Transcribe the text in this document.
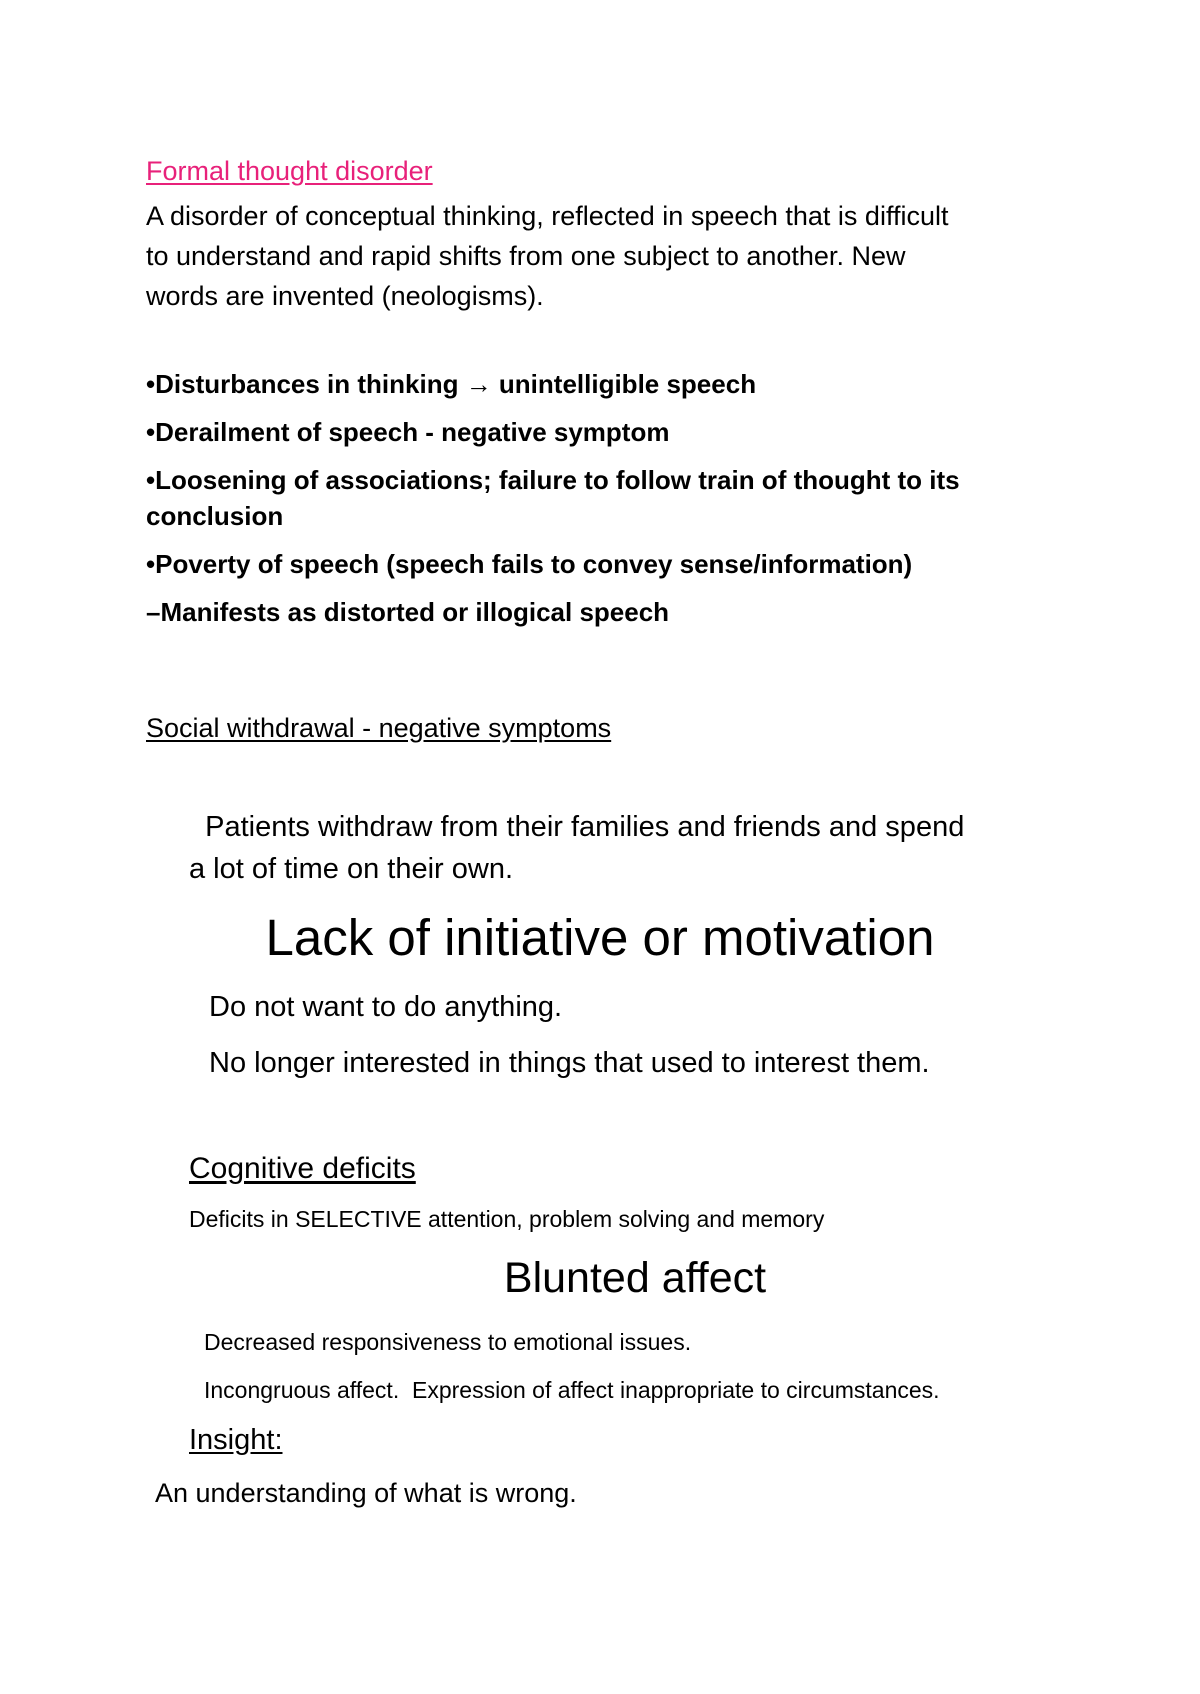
Formal thought disorder

A disorder of conceptual thinking, reflected in speech that is difficult
to understand and rapid shifts from one subject to another. New
words are invented (neologisms).
•Disturbances in thinking → unintelligible speech
•Derailment of speech - negative symptom
•Loosening of associations; failure to follow train of thought to its
conclusion
•Poverty of speech (speech fails to convey sense/information)
–Manifests as distorted or illogical speech

Social withdrawal - negative symptoms

Patients withdraw from their families and friends and spend
a lot of time on their own.

Lack of initiative or motivation

Do not want to do anything.
No longer interested in things that used to interest them.

Cognitive deficits

Deficits in SELECTIVE attention, problem solving and memory

Blunted affect

Decreased responsiveness to emotional issues.
Incongruous affect.  Expression of affect inappropriate to circumstances.

Insight:

An understanding of what is wrong.
